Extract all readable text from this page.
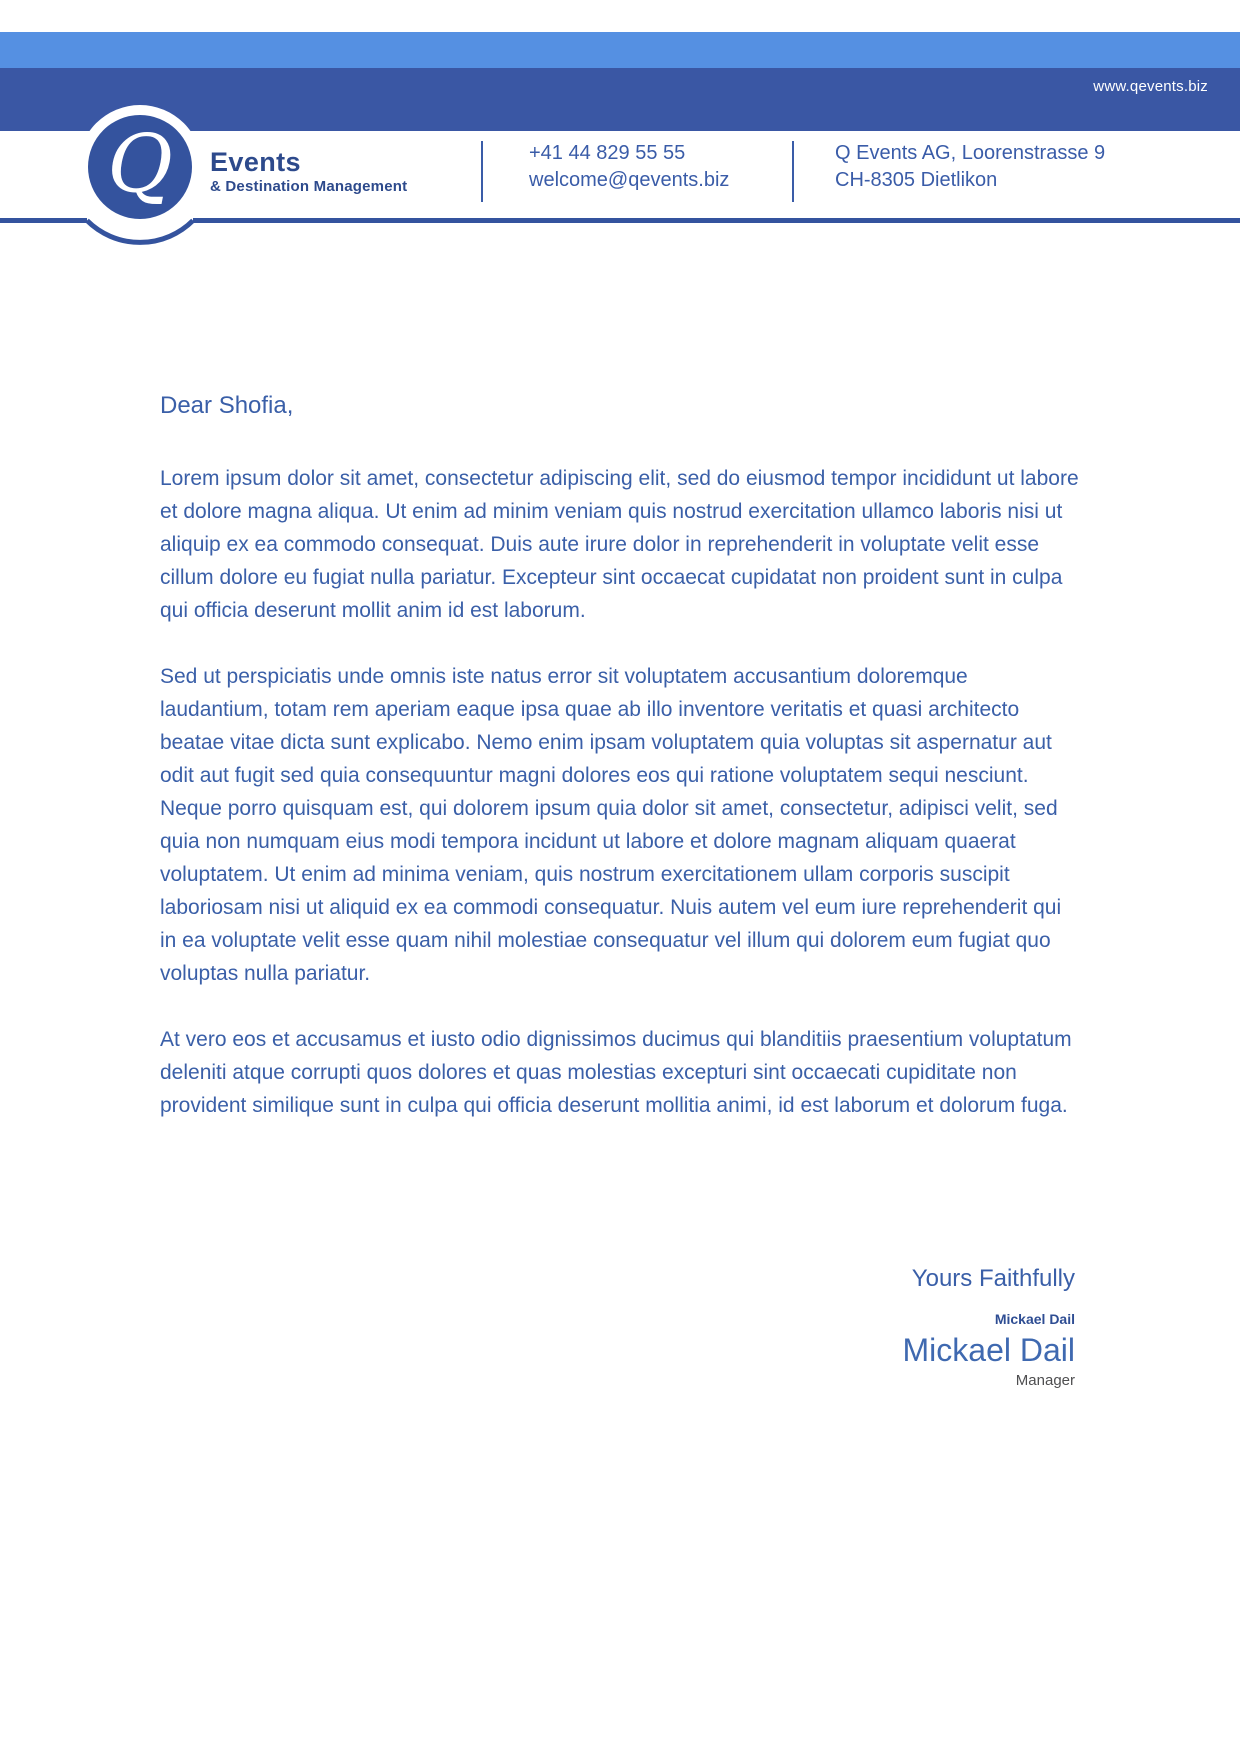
www.qevents.biz
Q	Events
& Destination Management
+41 44 829 55 55
welcome@qevents.biz
Q Events AG, Loorenstrasse 9
CH-8305 Dietlikon
Dear Shofia,
Lorem ipsum dolor sit amet, consectetur adipiscing elit, sed do eiusmod tempor incididunt ut labore et dolore magna aliqua. Ut enim ad minim veniam quis nostrud exercitation ullamco laboris nisi ut aliquip ex ea commodo consequat. Duis aute irure dolor in reprehenderit in voluptate velit esse cillum dolore eu fugiat nulla pariatur. Excepteur sint occaecat cupidatat non proident sunt in culpa qui officia deserunt mollit anim id est laborum.
Sed ut perspiciatis unde omnis iste natus error sit voluptatem accusantium doloremque laudantium, totam rem aperiam eaque ipsa quae ab illo inventore veritatis et quasi architecto beatae vitae dicta sunt explicabo. Nemo enim ipsam voluptatem quia voluptas sit aspernatur aut odit aut fugit sed quia consequuntur magni dolores eos qui ratione voluptatem sequi nesciunt. Neque porro quisquam est, qui dolorem ipsum quia dolor sit amet, consectetur, adipisci velit, sed quia non numquam eius modi tempora incidunt ut labore et dolore magnam aliquam quaerat voluptatem. Ut enim ad minima veniam, quis nostrum exercitationem ullam corporis suscipit laboriosam nisi ut aliquid ex ea commodi consequatur. Nuis autem vel eum iure reprehenderit qui in ea voluptate velit esse quam nihil molestiae consequatur vel illum qui dolorem eum fugiat quo voluptas nulla pariatur.
At vero eos et accusamus et iusto odio dignissimos ducimus qui blanditiis praesentium voluptatum deleniti atque corrupti quos dolores et quas molestias excepturi sint occaecati cupiditate non provident similique sunt in culpa qui officia deserunt mollitia animi, id est laborum et dolorum fuga.
Yours Faithfully
Mickael Dail
Mickael Dail
Manager
